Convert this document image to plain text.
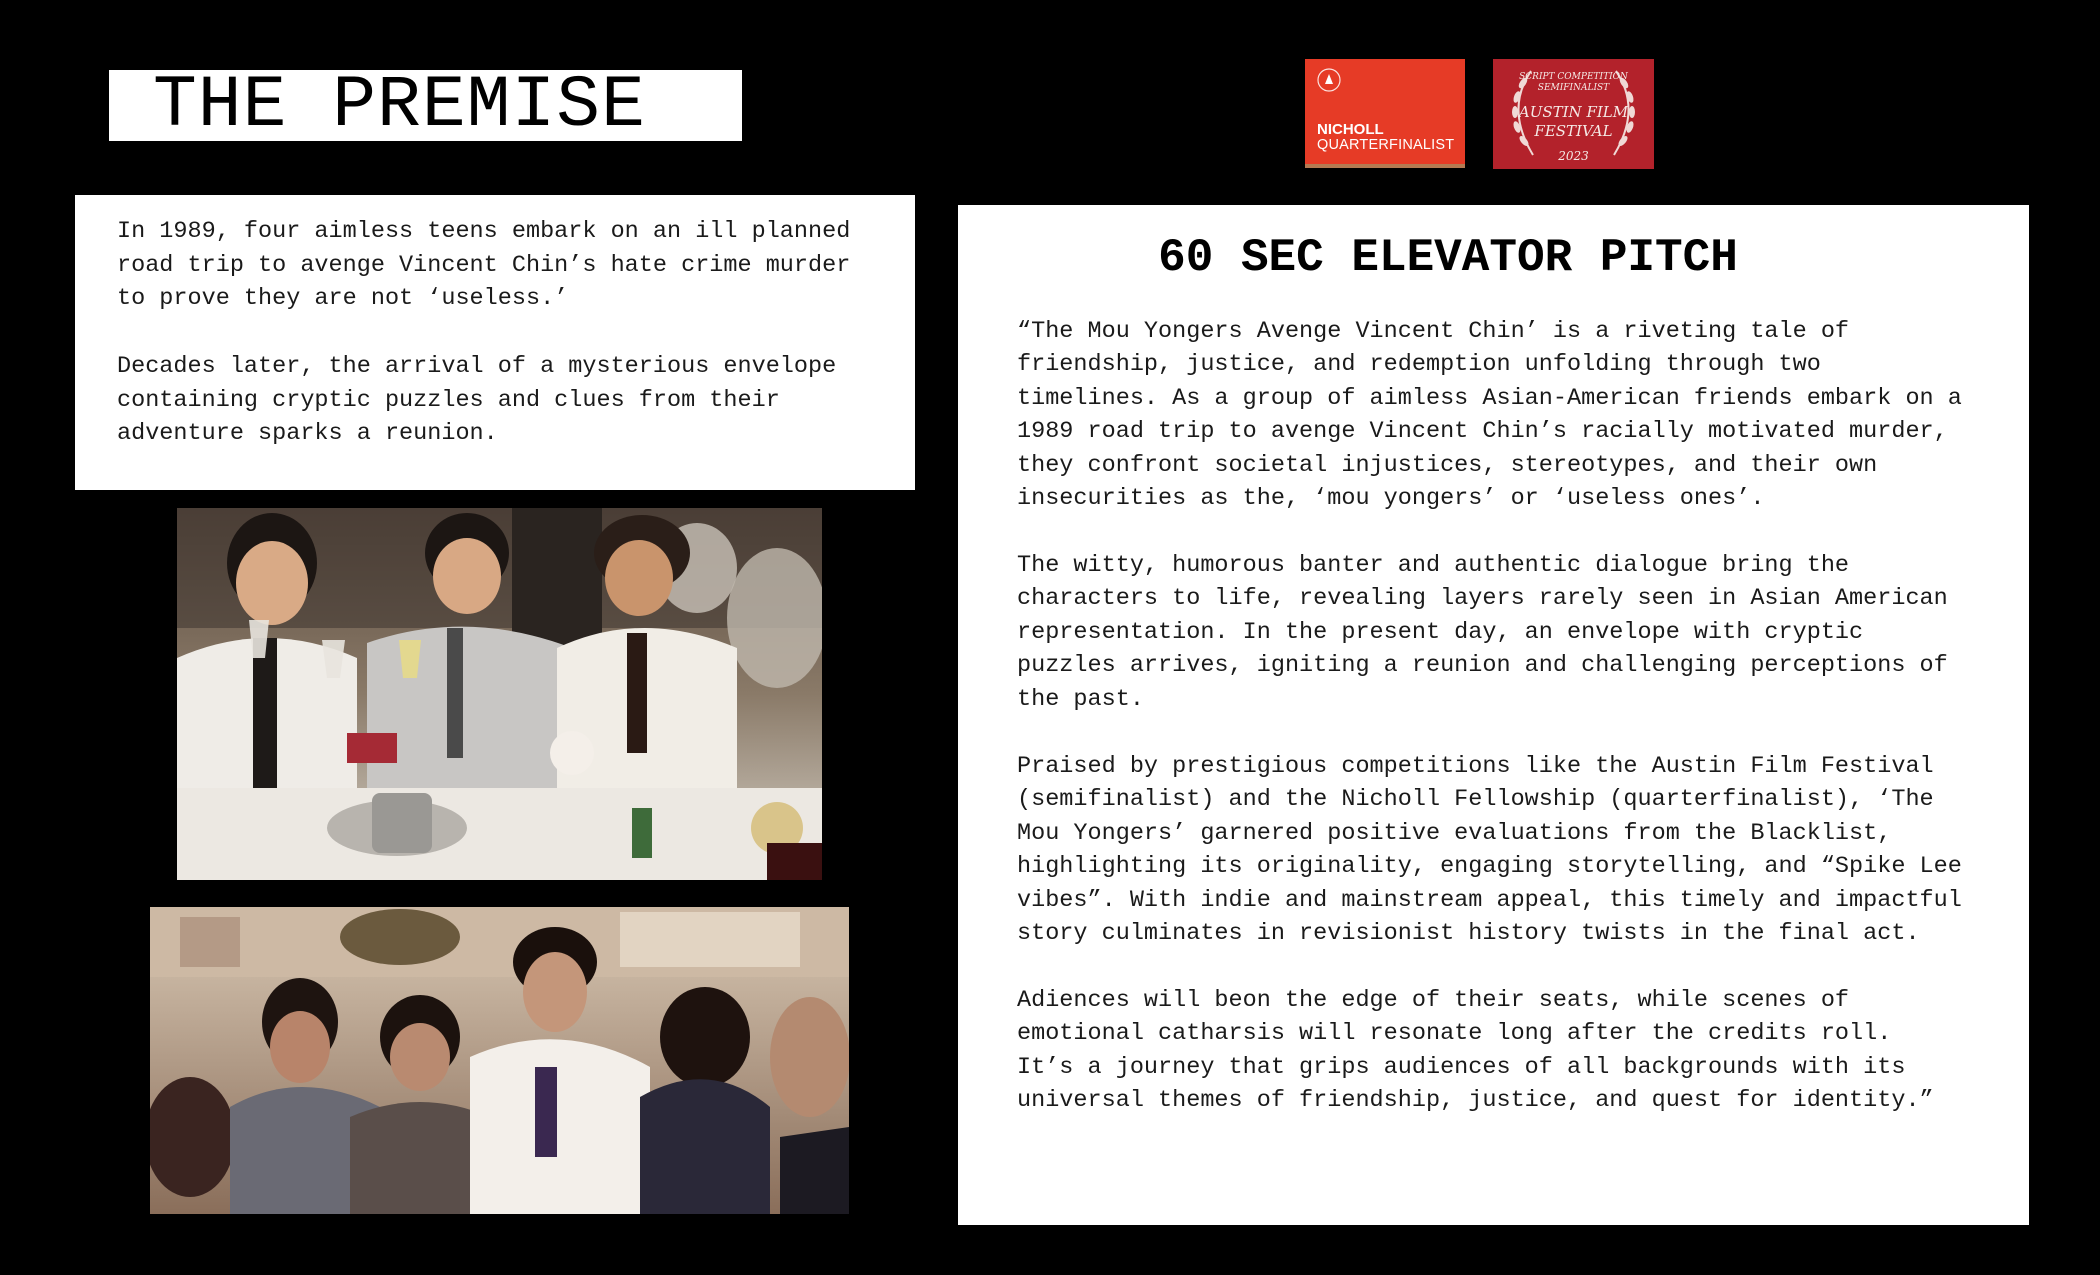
THE PREMISE

In 1989, four aimless teens embark on an ill planned
road trip to avenge Vincent Chin’s hate crime murder
to prove they are not ‘useless.’

Decades later, the arrival of a mysterious envelope
containing cryptic puzzles and clues from their
adventure sparks a reunion.

NICHOLL
QUARTERFINALIST
SCRIPT COMPETITION
SEMIFINALIST
AUSTIN FILM
FESTIVAL
2023
60 SEC ELEVATOR PITCH

“The Mou Yongers Avenge Vincent Chin’ is a riveting tale of
friendship, justice, and redemption unfolding through two
timelines. As a group of aimless Asian-American friends embark on a
1989 road trip to avenge Vincent Chin’s racially motivated murder,
they confront societal injustices, stereotypes, and their own
insecurities as the, ‘mou yongers’ or ‘useless ones’.

The witty, humorous banter and authentic dialogue bring the
characters to life, revealing layers rarely seen in Asian American
representation. In the present day, an envelope with cryptic
puzzles arrives, igniting a reunion and challenging perceptions of
the past.

Praised by prestigious competitions like the Austin Film Festival
(semifinalist) and the Nicholl Fellowship (quarterfinalist), ‘The
Mou Yongers’ garnered positive evaluations from the Blacklist,
highlighting its originality, engaging storytelling, and “Spike Lee
vibes”. With indie and mainstream appeal, this timely and impactful
story culminates in revisionist history twists in the final act.

Adiences will beon the edge of their seats, while scenes of
emotional catharsis will resonate long after the credits roll.
It’s a journey that grips audiences of all backgrounds with its
universal themes of friendship, justice, and quest for identity.”
